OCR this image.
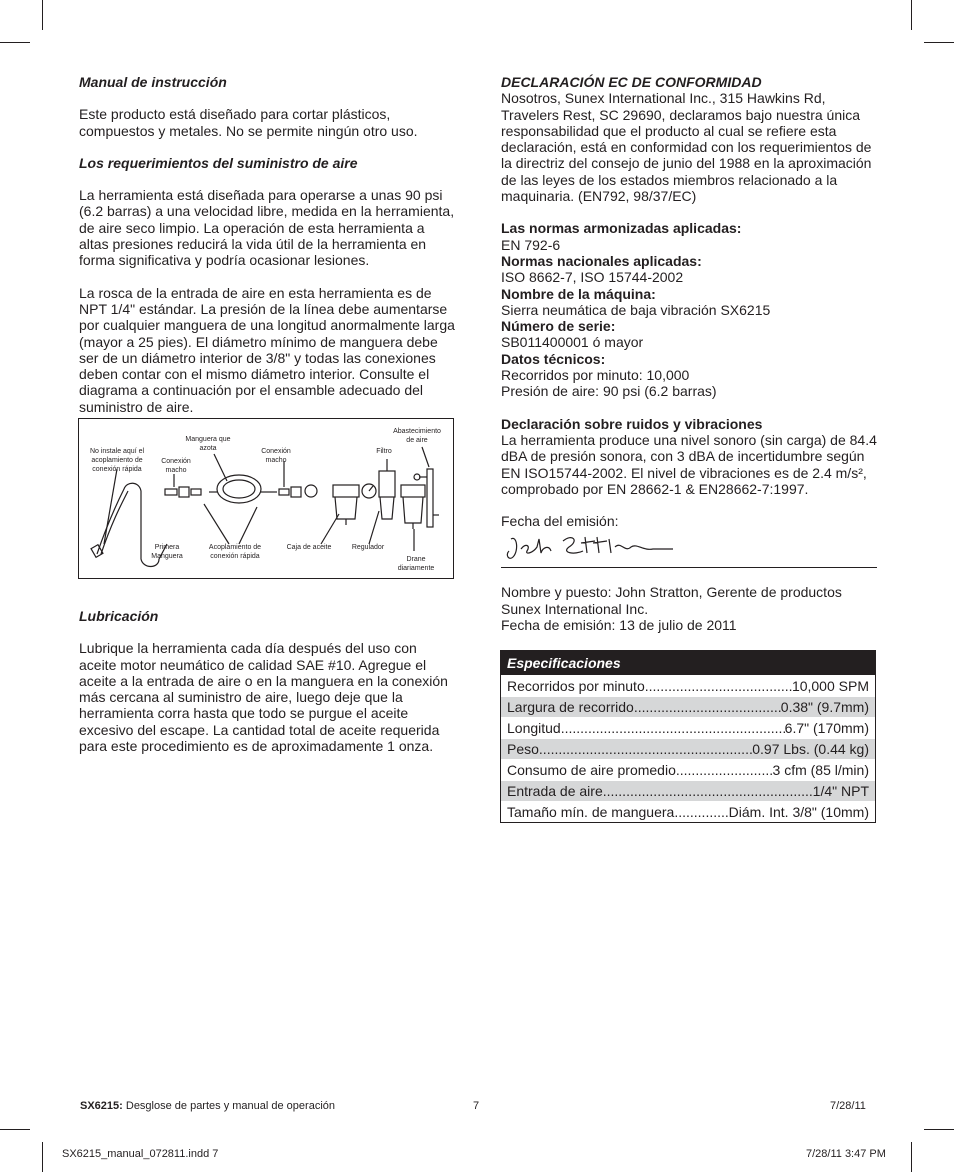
Manual de instrucción

Este producto está diseñado para cortar plásticos, compuestos y metales. No se permite ningún otro uso.

Los requerimientos del suministro de aire

La herramienta está diseñada para operarse a unas 90 psi (6.2 barras) a una velocidad libre, medida en la herramienta, de aire seco limpio. La operación de esta herramienta a altas presiones reducirá la vida útil de la herramienta en forma significativa y podría ocasionar lesiones.

La rosca de la entrada de aire en esta herramienta es de NPT 1/4" estándar. La presión de la línea debe aumentarse por cualquier manguera de una longitud anormalmente larga (mayor a 25 pies). El diámetro mínimo de manguera debe ser de un diámetro interior de 3/8" y todas las conexiones deben contar con el mismo diámetro interior. Consulte el diagrama a continuación por el ensamble adecuado del suministro de aire.

No instale aquí el acoplamiento de conexión rápida
Conexión macho
Manguera que azota	Conexión macho
Filtro
Abastecimiento de aire
Primera Manguera
Acoplamiento de conexión rápida
Caja de aceite	Regulador
Drane diariamente

Lubricación

Lubrique la herramienta cada día después del uso con aceite motor neumático de calidad SAE #10. Agregue el aceite a la entrada de aire o en la manguera en la conexión más cercana al suministro de aire, luego deje que la herramienta corra hasta que todo se purgue el aceite excesivo del escape. La cantidad total de aceite requerida para este procedimiento es de aproximadamente 1 onza.

DECLARACIÓN EC DE CONFORMIDAD

Nosotros, Sunex International Inc., 315 Hawkins Rd, Travelers Rest, SC 29690, declaramos bajo nuestra única responsabilidad que el producto al cual se refiere esta declaración, está en conformidad con los requerimientos de la directriz del consejo de junio del 1988 en la aproximación de las leyes de los estados miembros relacionado a la maquinaria. (EN792, 98/37/EC)

Las normas armonizadas aplicadas:

EN 792-6

Normas nacionales aplicadas:

ISO 8662-7, ISO 15744-2002

Nombre de la máquina:

Sierra neumática de baja vibración SX6215

Número de serie:

SB011400001 ó mayor

Datos técnicos:

Recorridos por minuto: 10,000

Presión de aire: 90 psi (6.2 barras)

Declaración sobre ruidos y vibraciones

La herramienta produce una nivel sonoro (sin carga) de 84.4 dBA de presión sonora, con 3 dBA de incertidumbre según EN ISO15744-2002. El nivel de vibraciones es de 2.4 m/s², comprobado por EN 28662-1 & EN28662-7:1997.

Fecha del emisión:

Nombre y puesto: John Stratton, Gerente de productos

Sunex International Inc.

Fecha de emisión: 13 de julio de 2011

Especificaciones
Recorridos por minuto .....	10,000 SPM
Largura de recorrido .....	0.38" (9.7mm)
Longitud .....	6.7" (170mm)
Peso .....	0.97 Lbs. (0.44 kg)
Consumo de aire promedio. .....	3 cfm (85 l/min)
Entrada de aire .....	1/4" NPT
Tamaño mín. de manguera .....	Diám. Int. 3/8" (10mm)
SX6215: Desglose de partes y manual de operación	7	7/28/11
SX6215_manual_072811.indd 7	7/28/11 3:47 PM
